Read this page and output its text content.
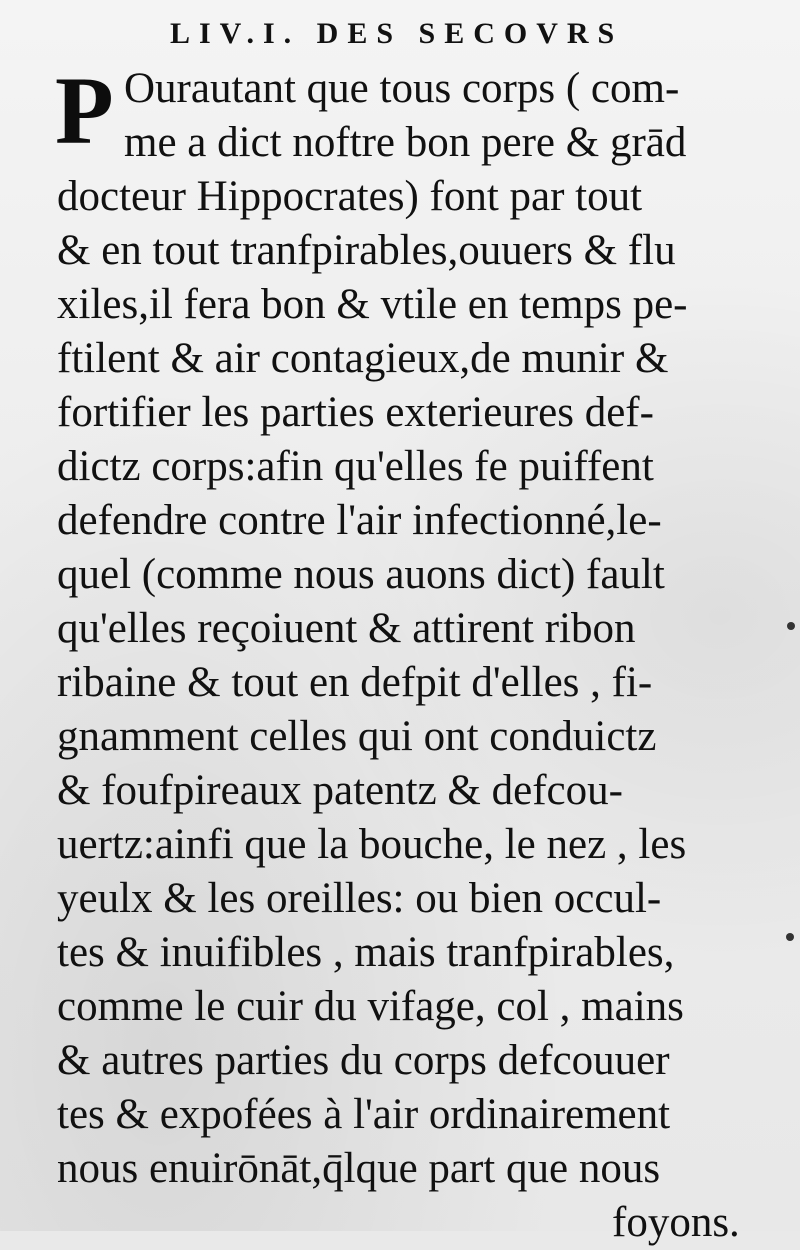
LIV.I. DES SECOVRS
P Ourautant que tous corps ( com-
me a dict noftre bon pere & grād
docteur Hippocrates) font par tout
& en tout tranfpirables,ouuers & flu
xiles,il fera bon & vtile en temps pe-
ftilent & air contagieux,de munir &
fortifier les parties exterieures def-
dictz corps:afin qu'elles fe puiffent
defendre contre l'air infectionné,le-
quel (comme nous auons dict) fault
qu'elles reçoiuent & attirent ribon
ribaine & tout en defpit d'elles , fi-
gnamment celles qui ont conduictz
& foufpireaux patentz & defcou-
uertz:ainfi que la bouche, le nez , les
yeulx & les oreilles: ou bien occul-
tes & inuifibles , mais tranfpirables,
comme le cuir du vifage, col , mains
& autres parties du corps defcouuer
tes & expofées à l'air ordinairement
nous enuirōnāt,q̄lque part que nous
foyons.
